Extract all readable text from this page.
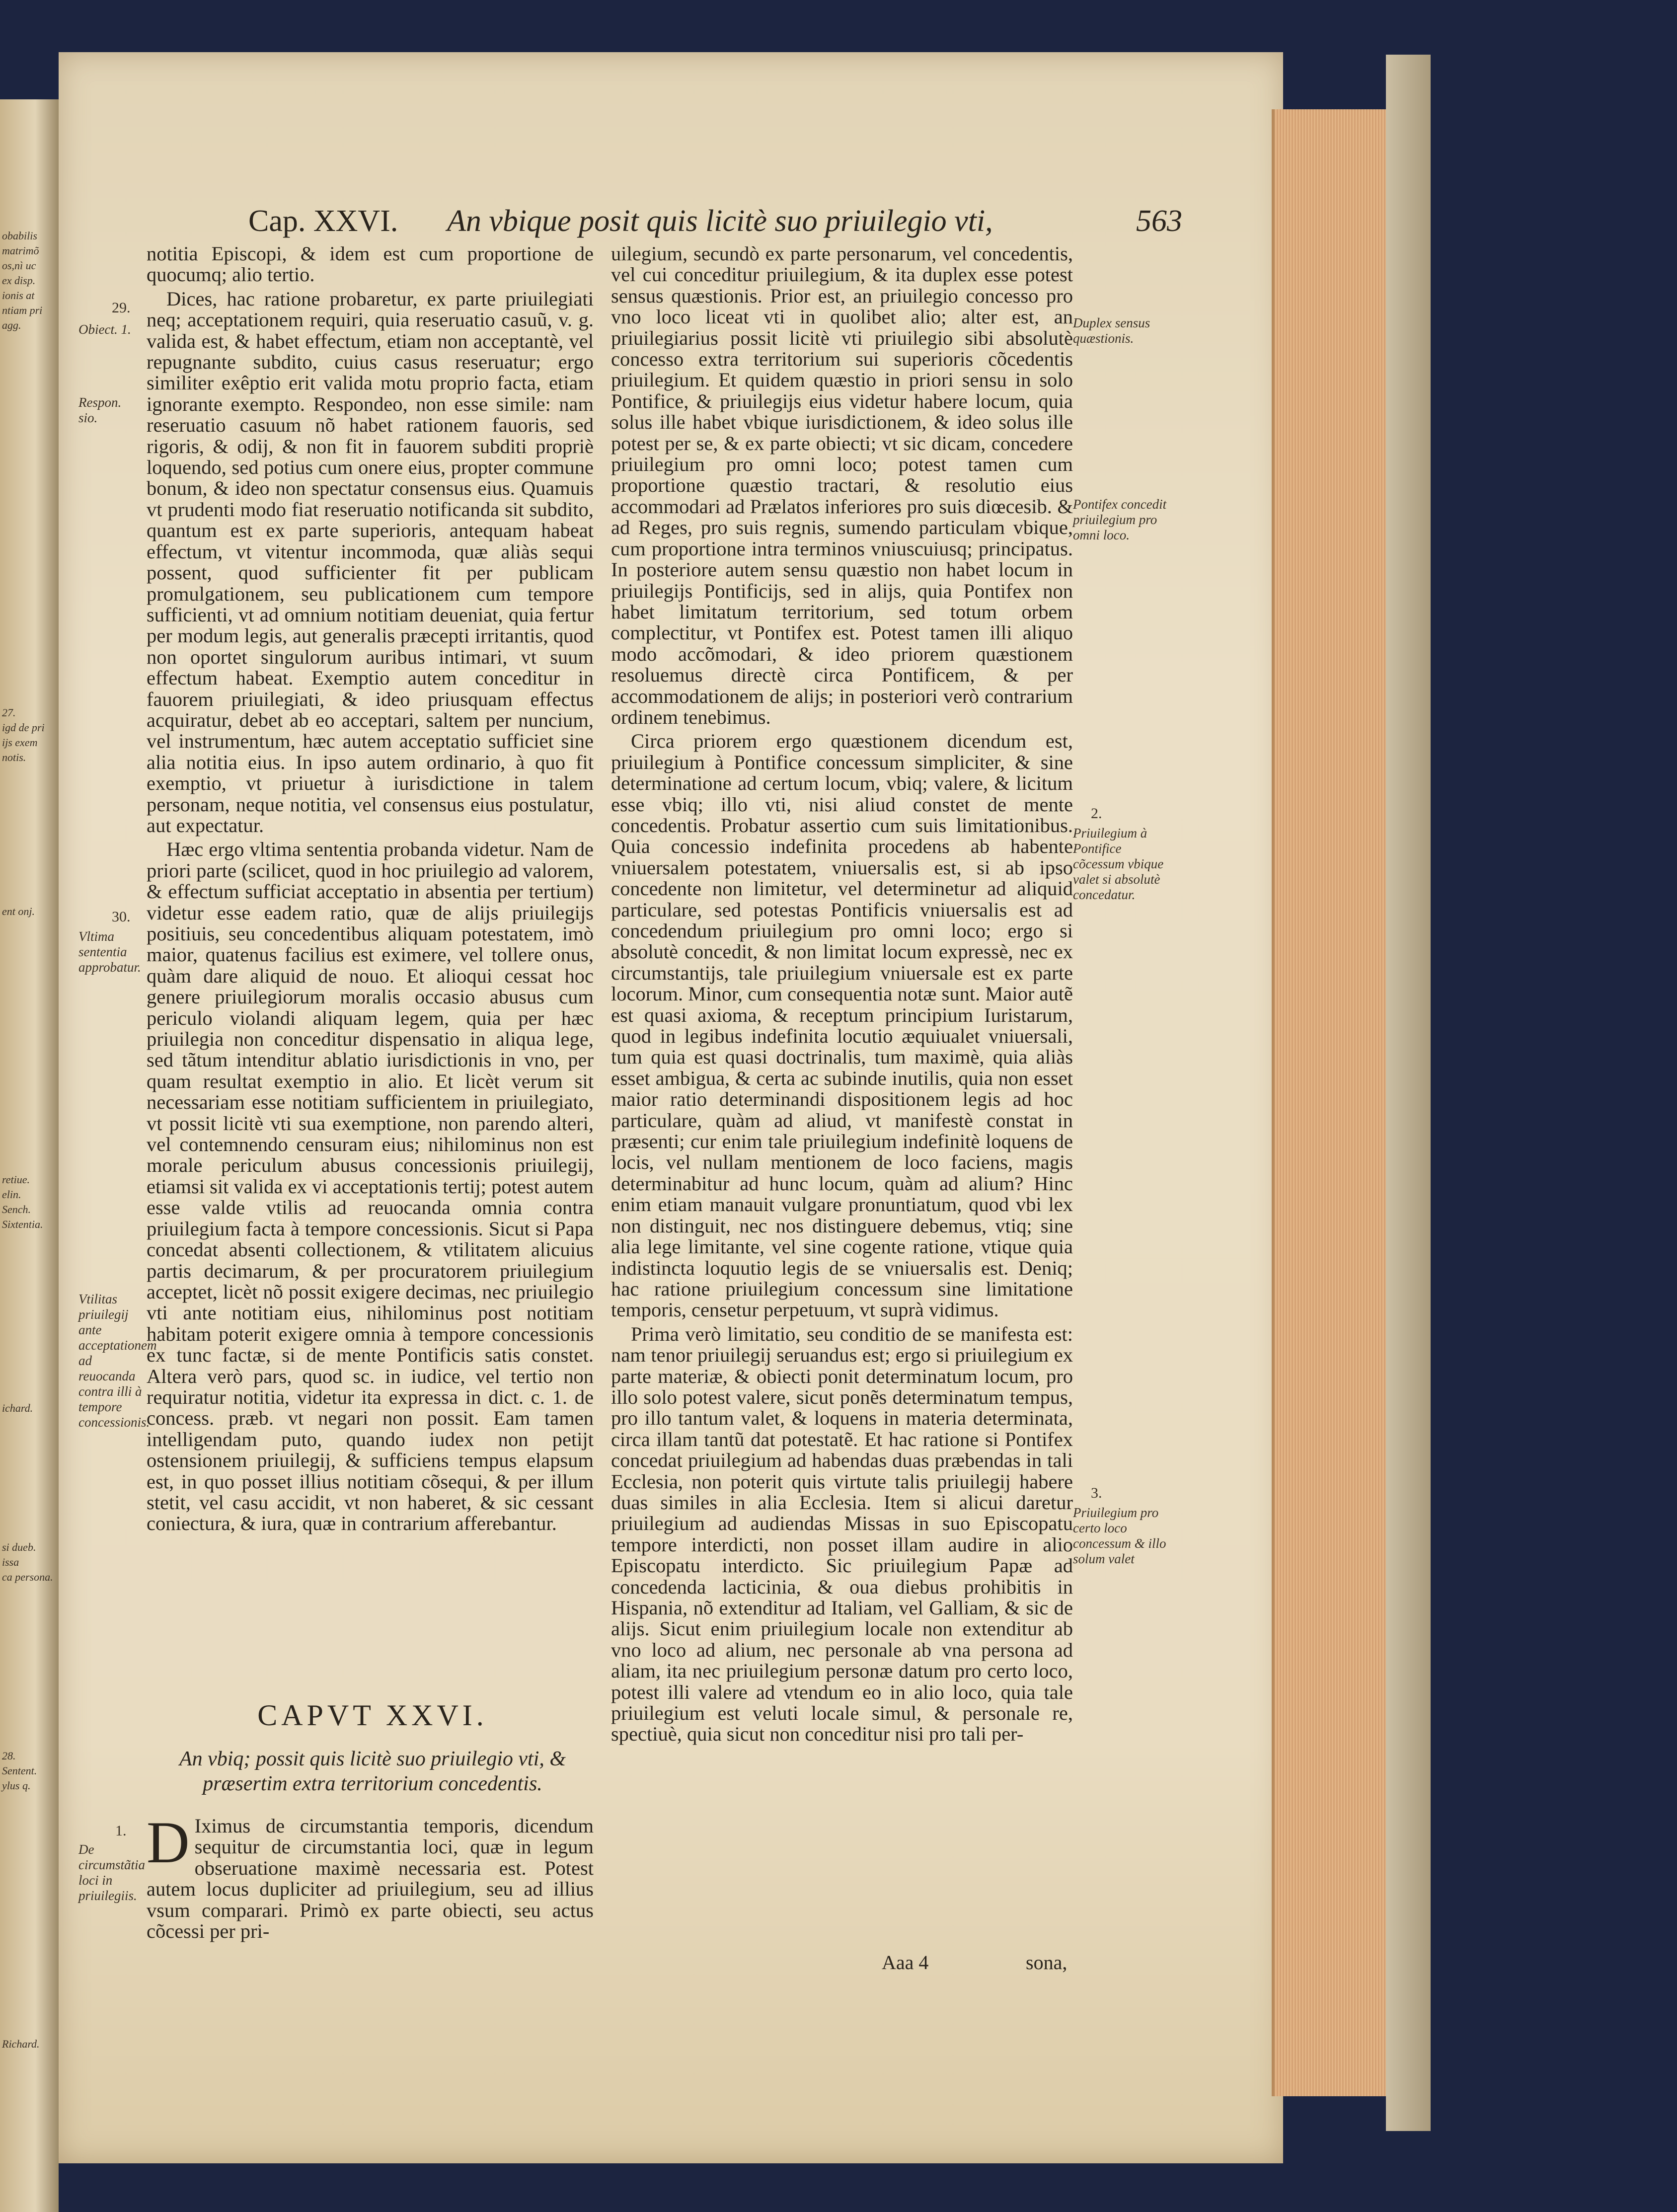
obabilis
matrimõ
os,nì uc
ex disp.
ionis at
ntiam pri
agg.
27.
igd de pri
ijs exem
notis.
ent onj.
retiue.
elin.
Sench.
Sixtentia.
ichard.
si dueb.
issa
ca persona.
28.
Sentent.
ylus q.
Richard.
Cap. XXVI. An vbique posit quis licitè suo priuilegio vti,	563

notitia Episcopi, & idem est cum proportione de quocumq; alio tertio.

Dices, hac ratione probaretur, ex parte priuilegiati neq; acceptationem requiri, quia reseruatio casuũ, v. g. valida est, & habet effectum, etiam non acceptantè, vel repugnante subdito, cuius casus reseruatur; ergo similiter exêptio erit valida motu proprio facta, etiam ignorante exempto. Respondeo, non esse simile: nam reseruatio casuum nõ habet rationem fauoris, sed rigoris, & odij, & non fit in fauorem subditi propriè loquendo, sed potius cum onere eius, propter commune bonum, & ideo non spectatur consensus eius. Quamuis vt prudenti modo fiat reseruatio notificanda sit subdito, quantum est ex parte superioris, antequam habeat effectum, vt vitentur incommoda, quæ aliàs sequi possent, quod sufficienter fit per publicam promulgationem, seu publicationem cum tempore sufficienti, vt ad omnium notitiam deueniat, quia fertur per modum legis, aut generalis præcepti irritantis, quod non oportet singulorum auribus intimari, vt suum effectum habeat. Exemptio autem conceditur in fauorem priuilegiati, & ideo priusquam effectus acquiratur, debet ab eo acceptari, saltem per nuncium, vel instrumentum, hæc autem acceptatio sufficiet sine alia notitia eius. In ipso autem ordinario, à quo fit exemptio, vt priuetur à iurisdictione in talem personam, neque notitia, vel consensus eius postulatur, aut expectatur.

Hæc ergo vltima sententia probanda videtur. Nam de priori parte (scilicet, quod in hoc priuilegio ad valorem, & effectum sufficiat acceptatio in absentia per tertium) videtur esse eadem ratio, quæ de alijs priuilegijs positiuis, seu concedentibus aliquam potestatem, imò maior, quatenus facilius est eximere, vel tollere onus, quàm dare aliquid de nouo. Et alioqui cessat hoc genere priuilegiorum moralis occasio abusus cum periculo violandi aliquam legem, quia per hæc priuilegia non conceditur dispensatio in aliqua lege, sed tãtum intenditur ablatio iurisdictionis in vno, per quam resultat exemptio in alio. Et licèt verum sit necessariam esse notitiam sufficientem in priuilegiato, vt possit licitè vti sua exemptione, non parendo alteri, vel contemnendo censuram eius; nihilominus non est morale periculum abusus concessionis priuilegij, etiamsi sit valida ex vi acceptationis tertij; potest autem esse valde vtilis ad reuocanda omnia contra priuilegium facta à tempore concessionis. Sicut si Papa concedat absenti collectionem, & vtilitatem alicuius partis decimarum, & per procuratorem priuilegium acceptet, licèt nõ possit exigere decimas, nec priuilegio vti ante notitiam eius, nihilominus post notitiam habitam poterit exigere omnia à tempore concessionis ex tunc factæ, si de mente Pontificis satis constet. Altera verò pars, quod sc. in iudice, vel tertio non requiratur notitia, videtur ita expressa in dict. c. 1. de concess. præb. vt negari non possit. Eam tamen intelligendam puto, quando iudex non petijt ostensionem priuilegij, & sufficiens tempus elapsum est, in quo posset illius notitiam cõsequi, & per illum stetit, vel casu accidit, vt non haberet, & sic cessant coniectura, & iura, quæ in contrarium afferebantur.

CAPVT XXVI.
An vbiq; possit quis licitè suo priuilegio vti, & præsertim extra territorium concedentis.
D Iximus de circumstantia temporis, dicendum sequitur de circumstantia loci, quæ in legum obseruatione maximè necessaria est. Potest autem locus dupliciter ad priuilegium, seu ad illius vsum comparari. Primò ex parte obiecti, seu actus cõcessi per pri-

uilegium, secundò ex parte personarum, vel concedentis, vel cui conceditur priuilegium, & ita duplex esse potest sensus quæstionis. Prior est, an priuilegio concesso pro vno loco liceat vti in quolibet alio; alter est, an priuilegiarius possit licitè vti priuilegio sibi absolutè concesso extra territorium sui superioris cõcedentis priuilegium. Et quidem quæstio in priori sensu in solo Pontifice, & priuilegijs eius videtur habere locum, quia solus ille habet vbique iurisdictionem, & ideo solus ille potest per se, & ex parte obiecti; vt sic dicam, concedere priuilegium pro omni loco; potest tamen cum proportione quæstio tractari, & resolutio eius accommodari ad Prælatos inferiores pro suis diœcesib. & ad Reges, pro suis regnis, sumendo particulam vbique, cum proportione intra terminos vniuscuiusq; principatus. In posteriore autem sensu quæstio non habet locum in priuilegijs Pontificijs, sed in alijs, quia Pontifex non habet limitatum territorium, sed totum orbem complectitur, vt Pontifex est. Potest tamen illi aliquo modo accõmodari, & ideo priorem quæstionem resoluemus directè circa Pontificem, & per accommodationem de alijs; in posteriori verò contrarium ordinem tenebimus.

Circa priorem ergo quæstionem dicendum est, priuilegium à Pontifice concessum simpliciter, & sine determinatione ad certum locum, vbiq; valere, & licitum esse vbiq; illo vti, nisi aliud constet de mente concedentis. Probatur assertio cum suis limitationibus. Quia concessio indefinita procedens ab habente vniuersalem potestatem, vniuersalis est, si ab ipso concedente non limitetur, vel determinetur ad aliquid particulare, sed potestas Pontificis vniuersalis est ad concedendum priuilegium pro omni loco; ergo si absolutè concedit, & non limitat locum expressè, nec ex circumstantijs, tale priuilegium vniuersale est ex parte locorum. Minor, cum consequentia notæ sunt. Maior autẽ est quasi axioma, & receptum principium Iuristarum, quod in legibus indefinita locutio æquiualet vniuersali, tum quia est quasi doctrinalis, tum maximè, quia aliàs esset ambigua, & certa ac subinde inutilis, quia non esset maior ratio determinandi dispositionem legis ad hoc particulare, quàm ad aliud, vt manifestè constat in præsenti; cur enim tale priuilegium indefinitè loquens de locis, vel nullam mentionem de loco faciens, magis determinabitur ad hunc locum, quàm ad alium? Hinc enim etiam manauit vulgare pronuntiatum, quod vbi lex non distinguit, nec nos distinguere debemus, vtiq; sine alia lege limitante, vel sine cogente ratione, vtique quia indistincta loquutio legis de se vniuersalis est. Deniq; hac ratione priuilegium concessum sine limitatione temporis, censetur perpetuum, vt suprà vidimus.

Prima verò limitatio, seu conditio de se manifesta est: nam tenor priuilegij seruandus est; ergo si priuilegium ex parte materiæ, & obiecti ponit determinatum locum, pro illo solo potest valere, sicut ponẽs determinatum tempus, pro illo tantum valet, & loquens in materia determinata, circa illam tantũ dat potestatẽ. Et hac ratione si Pontifex concedat priuilegium ad habendas duas præbendas in tali Ecclesia, non poterit quis virtute talis priuilegij habere duas similes in alia Ecclesia. Item si alicui daretur priuilegium ad audiendas Missas in suo Episcopatu tempore interdicti, non posset illam audire in alio Episcopatu interdicto. Sic priuilegium Papæ ad concedenda lacticinia, & oua diebus prohibitis in Hispania, nõ extenditur ad Italiam, vel Galliam, & sic de alijs. Sicut enim priuilegium locale non extenditur ab vno loco ad alium, nec personale ab vna persona ad aliam, ita nec priuilegium personæ datum pro certo loco, potest illi valere ad vtendum eo in alio loco, quia tale priuilegium est veluti locale simul, & personale re, spectiuè, quia sicut non conceditur nisi pro tali per-

Aaa 4	sona,
29.
Obiect. 1.
Respon. sio.
30.
Vltima sententia approbatur.
Vtilitas priuilegij ante acceptationem ad reuocanda contra illi à tempore concessionis.
1.
De circumstãtia loci in priuilegiis.
Duplex sensus quæstionis.
Pontifex concedit priuilegium pro omni loco.
2.
Priuilegium à Pontifice cõcessum vbique valet si absolutè concedatur.
3.
Priuilegium pro certo loco concessum & illo solum valet
